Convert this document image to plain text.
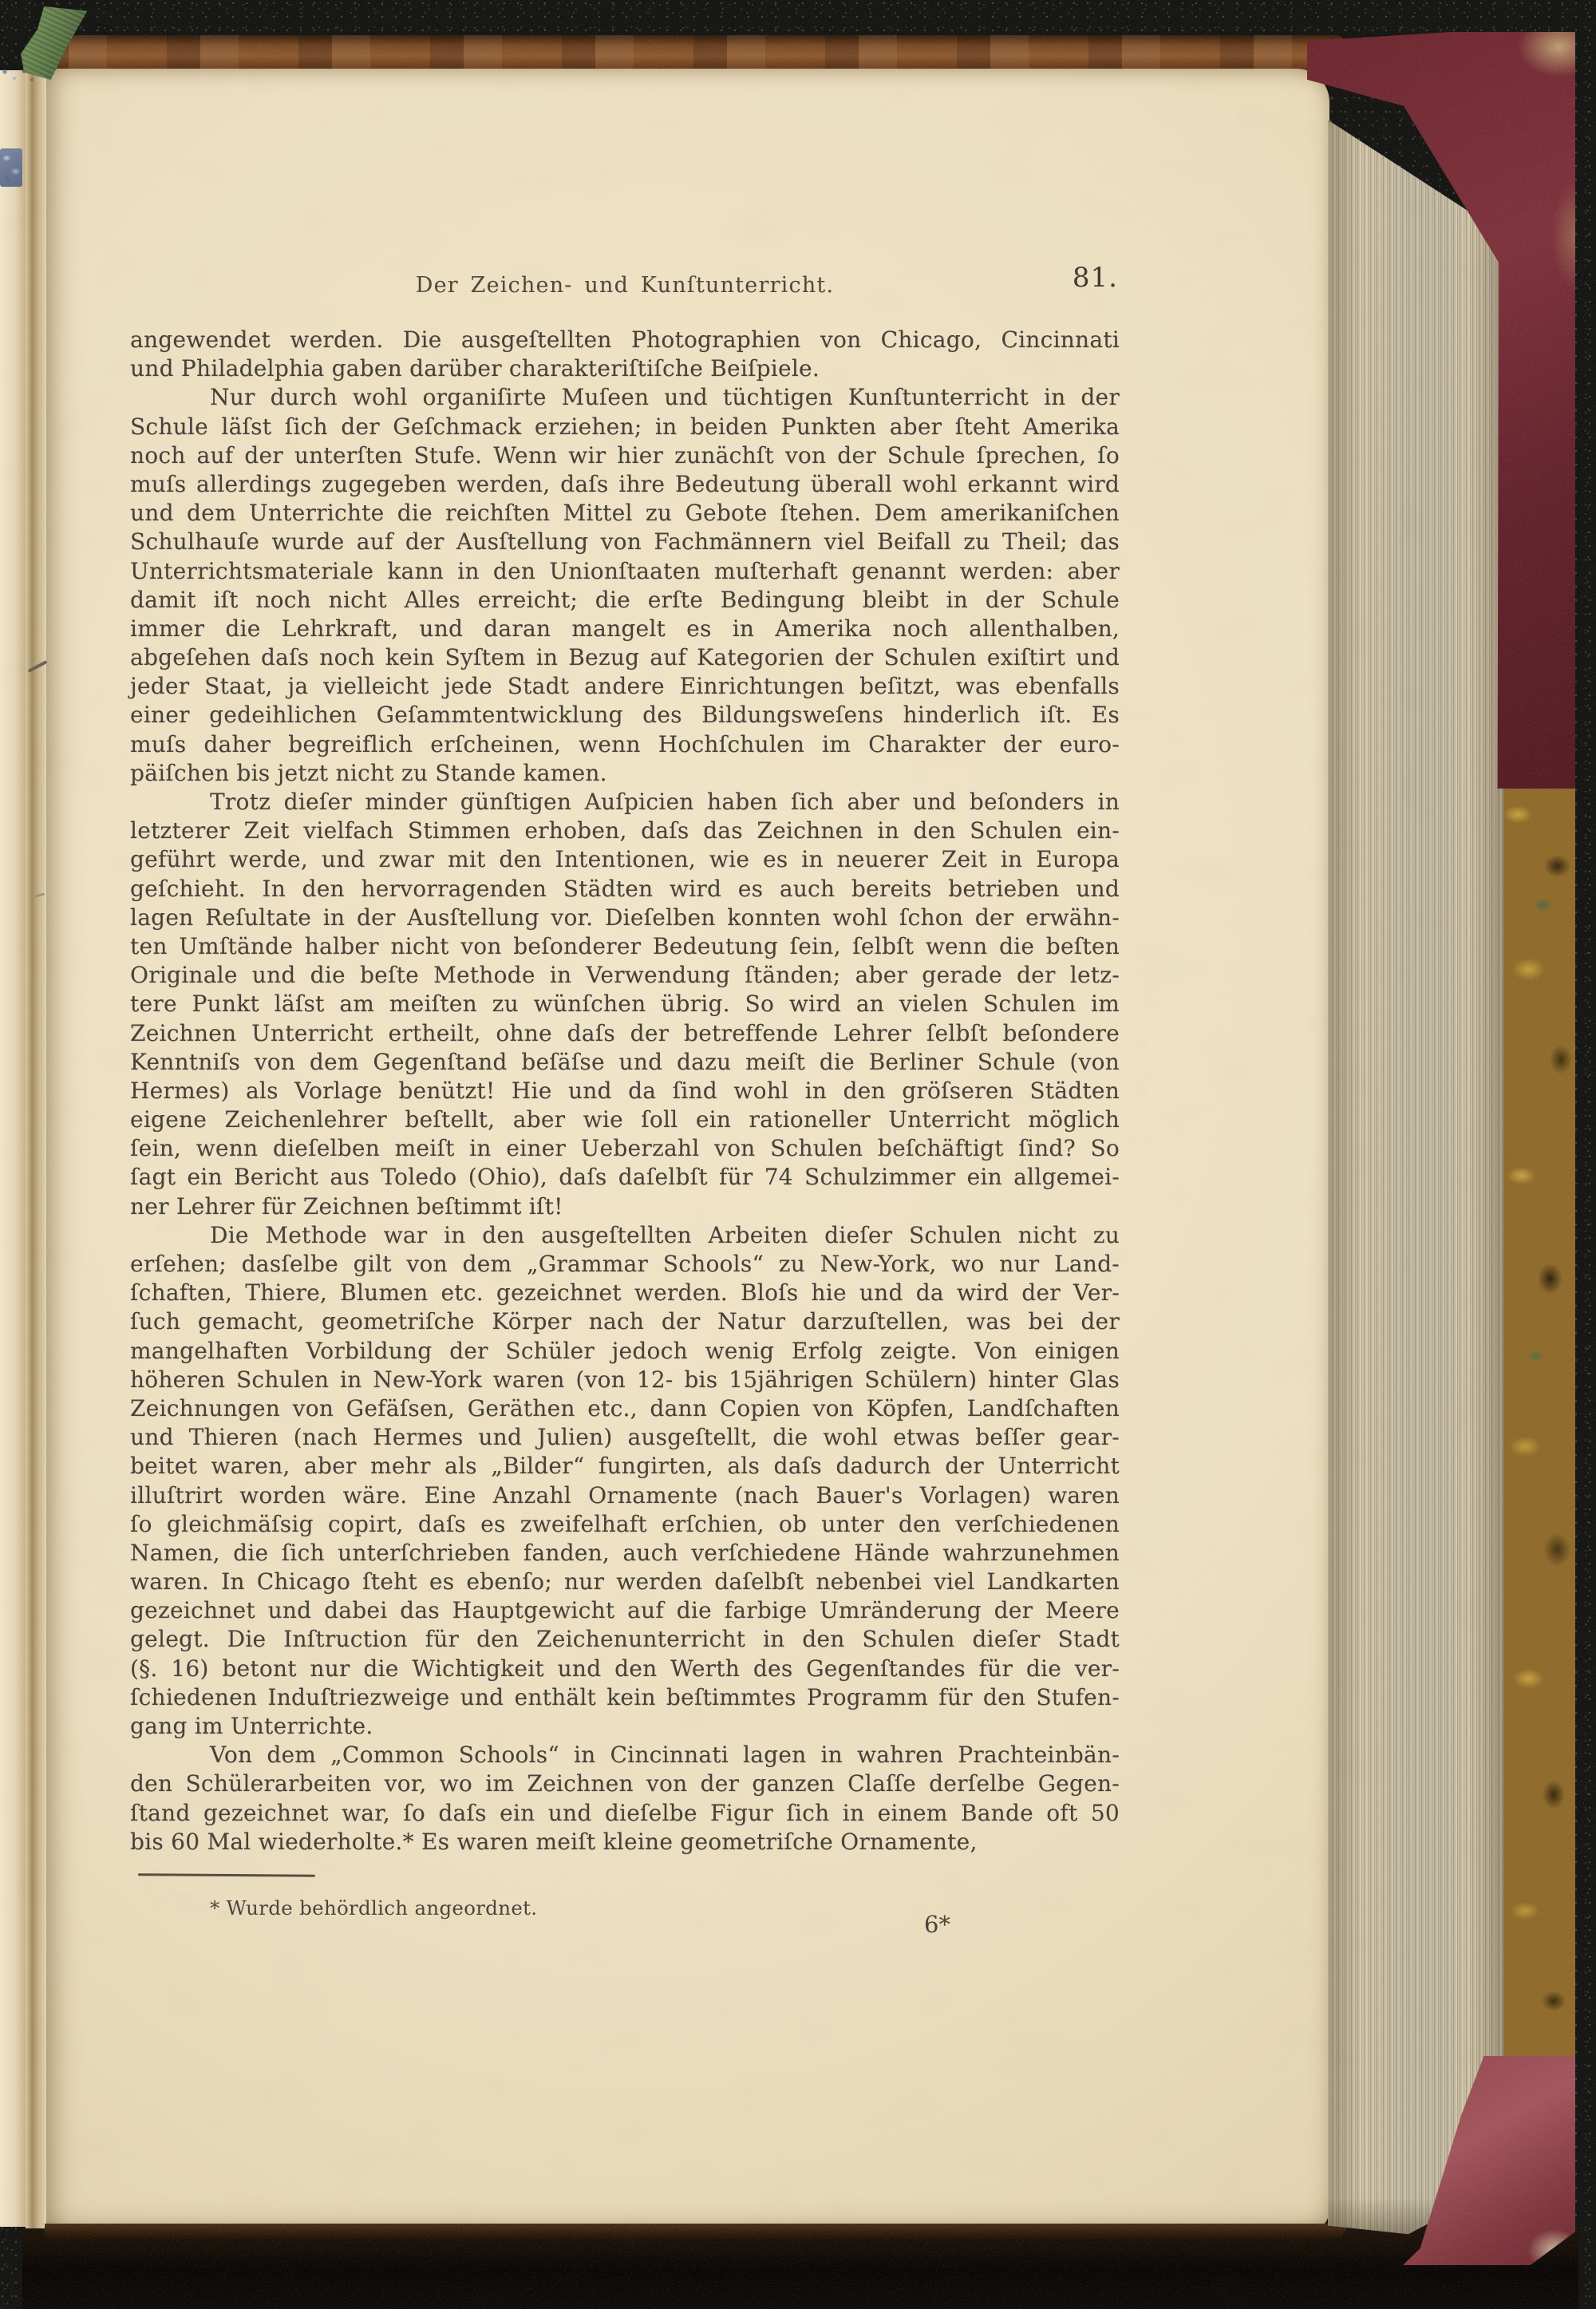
Der Zeichen- und Kunſtunterricht.	81.
angewendet werden. Die ausgeſtellten Photographien von Chicago, Cincinnati
und Philadelphia gaben darüber charakteriſtiſche Beiſpiele.
Nur durch wohl organiſirte Muſeen und tüchtigen Kunſtunterricht in der
Schule läſst ſich der Geſchmack erziehen; in beiden Punkten aber ſteht Amerika
noch auf der unterſten Stufe. Wenn wir hier zunächſt von der Schule ſprechen, ſo
muſs allerdings zugegeben werden, daſs ihre Bedeutung überall wohl erkannt wird
und dem Unterrichte die reichſten Mittel zu Gebote ſtehen. Dem amerikaniſchen
Schulhauſe wurde auf der Ausſtellung von Fachmännern viel Beifall zu Theil; das
Unterrichtsmateriale kann in den Unionſtaaten muſterhaft genannt werden: aber
damit iſt noch nicht Alles erreicht; die erſte Bedingung bleibt in der Schule
immer die Lehrkraft, und daran mangelt es in Amerika noch allenthalben,
abgeſehen daſs noch kein Syſtem in Bezug auf Kategorien der Schulen exiſtirt und
jeder Staat, ja vielleicht jede Stadt andere Einrichtungen beſitzt, was ebenfalls
einer gedeihlichen Geſammtentwicklung des Bildungsweſens hinderlich iſt. Es
muſs daher begreiflich erſcheinen, wenn Hochſchulen im Charakter der euro-
päiſchen bis jetzt nicht zu Stande kamen.
Trotz dieſer minder günſtigen Auſpicien haben ſich aber und beſonders in
letzterer Zeit vielfach Stimmen erhoben, daſs das Zeichnen in den Schulen ein-
geführt werde, und zwar mit den Intentionen, wie es in neuerer Zeit in Europa
geſchieht. In den hervorragenden Städten wird es auch bereits betrieben und
lagen Reſultate in der Ausſtellung vor. Dieſelben konnten wohl ſchon der erwähn-
ten Umſtände halber nicht von beſonderer Bedeutung ſein, ſelbſt wenn die beſten
Originale und die beſte Methode in Verwendung ſtänden; aber gerade der letz-
tere Punkt läſst am meiſten zu wünſchen übrig. So wird an vielen Schulen im
Zeichnen Unterricht ertheilt, ohne daſs der betreffende Lehrer ſelbſt beſondere
Kenntniſs von dem Gegenſtand beſäſse und dazu meiſt die Berliner Schule (von
Hermes) als Vorlage benützt! Hie und da ſind wohl in den gröſseren Städten
eigene Zeichenlehrer beſtellt, aber wie ſoll ein rationeller Unterricht möglich
ſein, wenn dieſelben meiſt in einer Ueberzahl von Schulen beſchäftigt ſind? So
ſagt ein Bericht aus Toledo (Ohio), daſs daſelbſt für 74 Schulzimmer ein allgemei-
ner Lehrer für Zeichnen beſtimmt iſt!
Die Methode war in den ausgeſtellten Arbeiten dieſer Schulen nicht zu
erſehen; dasſelbe gilt von dem „Grammar Schools“ zu New-York, wo nur Land-
ſchaften, Thiere, Blumen etc. gezeichnet werden. Bloſs hie und da wird der Ver-
ſuch gemacht, geometriſche Körper nach der Natur darzuſtellen, was bei der
mangelhaften Vorbildung der Schüler jedoch wenig Erfolg zeigte. Von einigen
höheren Schulen in New-York waren (von 12- bis 15jährigen Schülern) hinter Glas
Zeichnungen von Gefäſsen, Geräthen etc., dann Copien von Köpfen, Landſchaften
und Thieren (nach Hermes und Julien) ausgeſtellt, die wohl etwas beſſer gear-
beitet waren, aber mehr als „Bilder“ fungirten, als daſs dadurch der Unterricht
illuſtrirt worden wäre. Eine Anzahl Ornamente (nach Bauer's Vorlagen) waren
ſo gleichmäſsig copirt, daſs es zweifelhaft erſchien, ob unter den verſchiedenen
Namen, die ſich unterſchrieben fanden, auch verſchiedene Hände wahrzunehmen
waren. In Chicago ſteht es ebenſo; nur werden daſelbſt nebenbei viel Landkarten
gezeichnet und dabei das Hauptgewicht auf die farbige Umränderung der Meere
gelegt. Die Inſtruction für den Zeichenunterricht in den Schulen dieſer Stadt
(§. 16) betont nur die Wichtigkeit und den Werth des Gegenſtandes für die ver-
ſchiedenen Induſtriezweige und enthält kein beſtimmtes Programm für den Stufen-
gang im Unterrichte.
Von dem „Common Schools“ in Cincinnati lagen in wahren Prachteinbän-
den Schülerarbeiten vor, wo im Zeichnen von der ganzen Claſſe derſelbe Gegen-
ſtand gezeichnet war, ſo daſs ein und dieſelbe Figur ſich in einem Bande oft 50
bis 60 Mal wiederholte.* Es waren meiſt kleine geometriſche Ornamente,
* Wurde behördlich angeordnet.
6*
